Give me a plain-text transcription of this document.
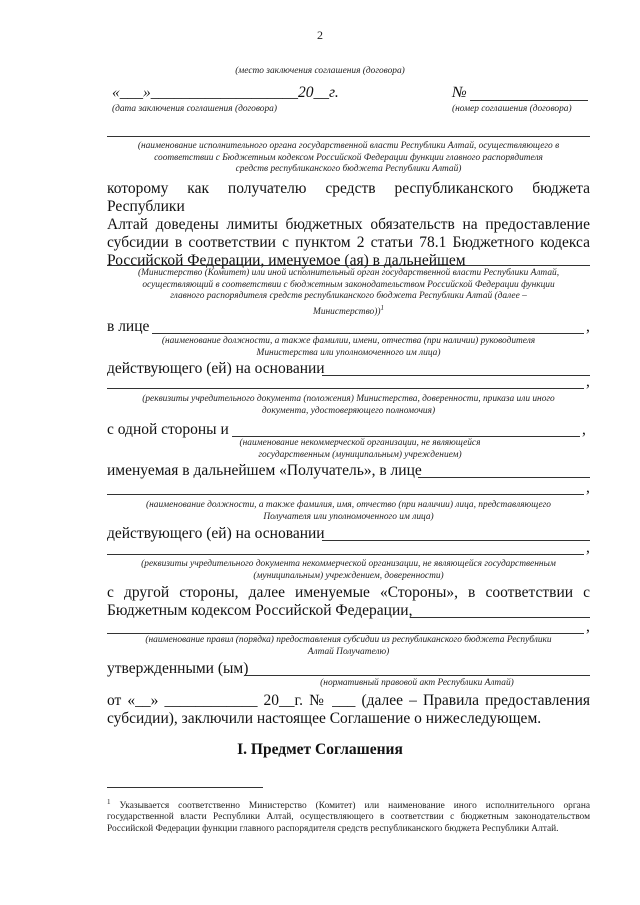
2
(место заключения соглашения (договора)
«___»___________________20__г.	№
(дата заключения соглашения (договора)	(номер соглашения (договора)
(наименование исполнительного органа государственной власти Республики Алтай, осуществляющего в
соответствии с Бюджетным кодексом Российской Федерации функции главного распорядителя
средств республиканского бюджета Республики Алтай)
которому как получателю средств республиканского бюджета Республики
Алтай доведены лимиты бюджетных обязательств на предоставление
субсидии в соответствии с пунктом 2 статьи 78.1 Бюджетного кодекса
Российской Федерации, именуемое (ая) в дальнейшем
(Министерство (Комитет) или иной исполнительный орган государственной власти Республики Алтай,
осуществляющий в соответствии с бюджетным законодательством Российской Федерации функции
главного распорядителя средств республиканского бюджета Республики Алтай (далее –
Министерство))$^1$
в лице	,
(наименование должности, а также фамилии, имени, отчества (при наличии) руководителя
Министерства или уполномоченного им лица)
действующего (ей) на основании
,
(реквизиты учредительного документа (положения) Министерства, доверенности, приказа или иного
документа, удостоверяющего полномочия)
с одной стороны и	,
(наименование некоммерческой организации, не являющейся
государственным (муниципальным) учреждением)
именуемая в дальнейшем «Получатель», в лице
,
(наименование должности, а также фамилия, имя, отчество (при наличии) лица, представляющего
Получателя или уполномоченного им лица)
действующего (ей) на основании
,
(реквизиты учредительного документа некоммерческой организации, не являющейся государственным
(муниципальным) учреждением, доверенности)
с другой стороны, далее именуемые «Стороны», в соответствии с
Бюджетным кодексом Российской Федерации,
,
(наименование правил (порядка) предоставления субсидии из республиканского бюджета Республики
Алтай Получателю)
утвержденными (ым)
(нормативный правовой акт Республики Алтай)
от «__» ____________ 20__г. № ___ (далее – Правила предоставления
субсидии), заключили настоящее Соглашение о нижеследующем.
I. Предмет Соглашения
$^1$ Указывается соответственно Министерство (Комитет) или наименование иного исполнительного органа государственной власти Республики Алтай, осуществляющего в соответствии с бюджетным законодательством Российской Федерации функции главного распорядителя средств республиканского бюджета Республики Алтай.
